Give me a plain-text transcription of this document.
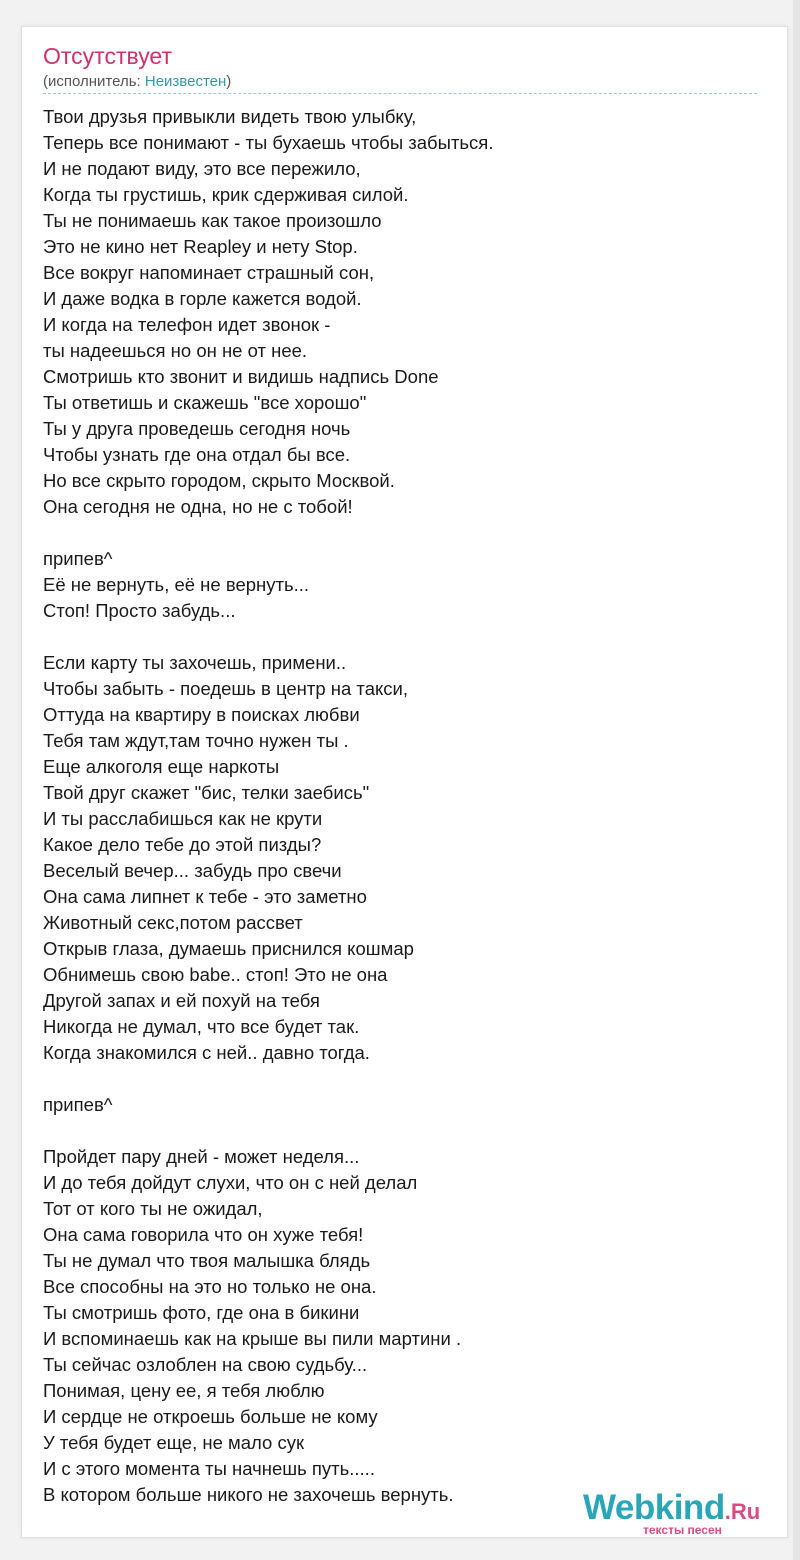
Отсутствует
(исполнитель: Неизвестен)
Твои друзья привыкли видеть твою улыбку,
Теперь все понимают - ты бухаешь чтобы забыться.
И не подают виду, это все пережило,
Когда ты грустишь, крик сдерживая силой.
Ты не понимаешь как такое произошло
Это не кино нет Reapley и нету Stop.
Все вокруг напоминает страшный сон,
И даже водка в горле кажется водой.
И когда на телефон идет звонок -
ты надеешься но он не от нее.
Смотришь кто звонит и видишь надпись Done
Ты ответишь и скажешь "все хорошо"
Ты у друга проведешь сегодня ночь
Чтобы узнать где она отдал бы все.
Но все скрыто городом, скрыто Москвой.
Она сегодня не одна, но не с тобой!
припев^
Её не вернуть, её не вернуть...
Стоп! Просто забудь...
Если карту ты захочешь, примени..
Чтобы забыть - поедешь в центр на такси,
Оттуда на квартиру в поисках любви
Тебя там ждут,там точно нужен ты .
Еще алкоголя еще наркоты
Твой друг скажет "бис, телки заебись"
И ты расслабишься как не крути
Какое дело тебе до этой пизды?
Веселый вечер... забудь про свечи
Она сама липнет к тебе - это заметно
Животный секс,потом рассвет
Открыв глаза, думаешь приснился кошмар
Обнимешь свою babe.. стоп! Это не она
Другой запах и ей похуй на тебя
Никогда не думал, что все будет так.
Когда знакомился с ней.. давно тогда.
припев^
Пройдет пару дней - может неделя...
И до тебя дойдут слухи, что он с ней делал
Тот от кого ты не ожидал,
Она сама говорила что он хуже тебя!
Ты не думал что твоя малышка блядь
Все способны на это но только не она.
Ты смотришь фото, где она в бикини
И вспоминаешь как на крыше вы пили мартини .
Ты сейчас озлоблен на свою судьбу...
Понимая, цену ее, я тебя люблю
И сердце не откроешь больше не кому
У тебя будет еще, не мало сук
И с этого момента ты начнешь путь.....
В котором больше никого не захочешь вернуть.	Webkind.Ru
тексты песен
